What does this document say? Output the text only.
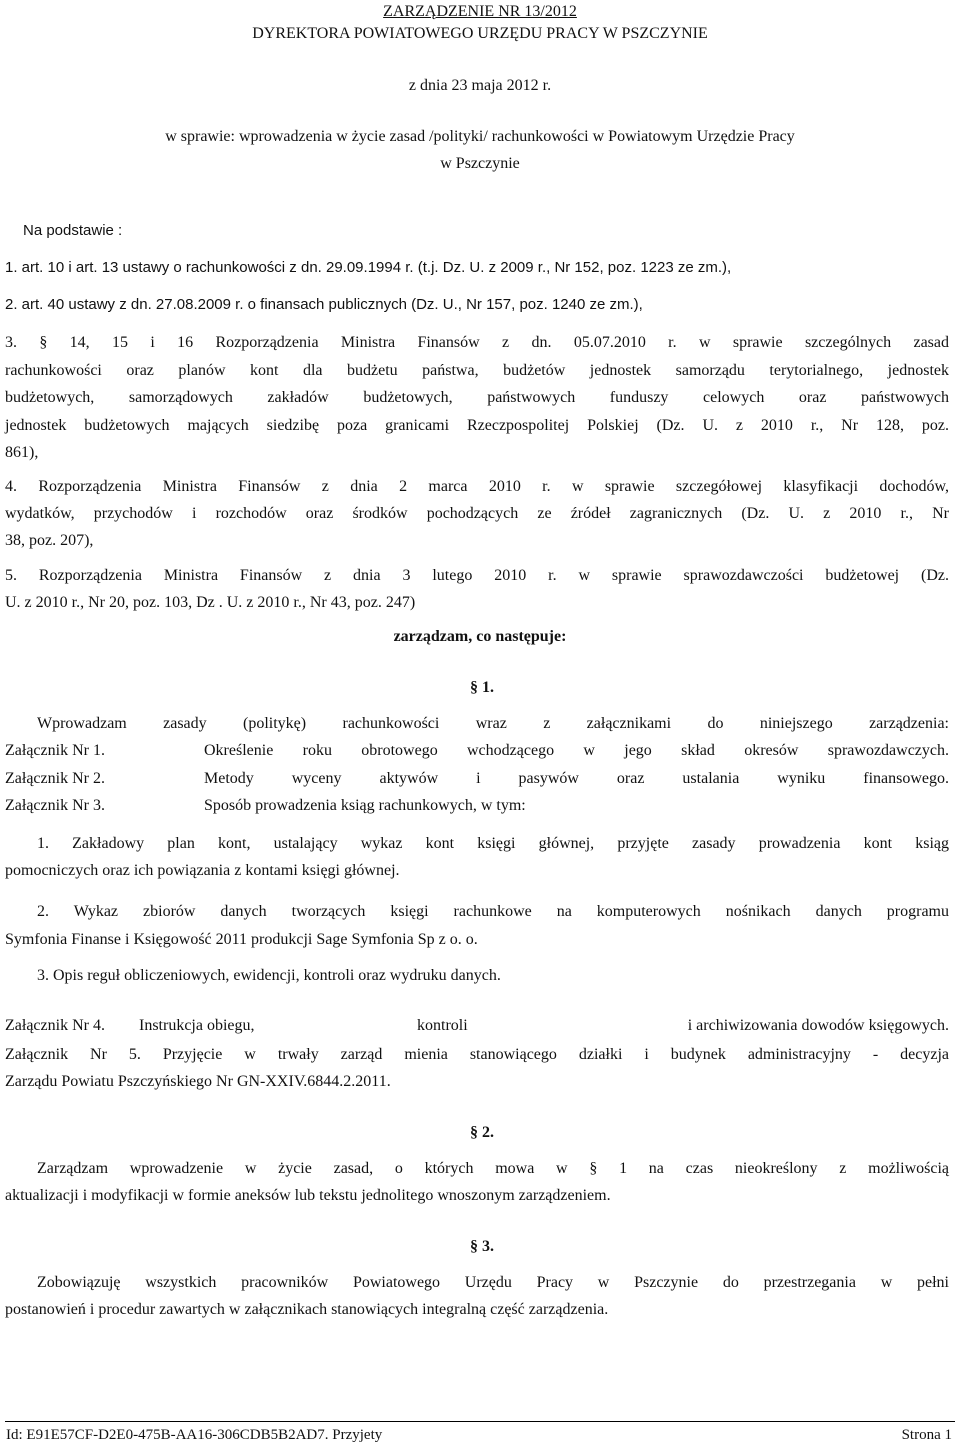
ZARZĄDZENIE NR 13/2012
DYREKTORA POWIATOWEGO URZĘDU PRACY W PSZCZYNIE
z dnia 23 maja 2012 r.
w sprawie: wprowadzenia w życie zasad /polityki/ rachunkowości w Powiatowym Urzędzie Pracy
w Pszczynie
Na podstawie :
1. art. 10 i art. 13 ustawy o rachunkowości z dn. 29.09.1994 r. (t.j. Dz. U. z 2009 r., Nr 152, poz. 1223 ze zm.),
2. art. 40 ustawy z dn. 27.08.2009 r. o finansach publicznych (Dz. U., Nr 157, poz. 1240 ze zm.),
3. § 14, 15 i 16 Rozporządzenia Ministra Finansów z dn. 05.07.2010 r. w sprawie szczególnych zasad
rachunkowości oraz planów kont dla budżetu państwa, budżetów jednostek samorządu terytorialnego, jednostek
budżetowych, samorządowych zakładów budżetowych, państwowych funduszy celowych oraz państwowych
jednostek budżetowych mających siedzibę poza granicami Rzeczpospolitej Polskiej (Dz. U. z 2010 r., Nr 128, poz.
861),
4. Rozporządzenia Ministra Finansów z dnia 2 marca 2010 r. w sprawie szczegółowej klasyfikacji dochodów,
wydatków, przychodów i rozchodów oraz środków pochodzących ze źródeł zagranicznych (Dz. U. z 2010 r., Nr
38, poz. 207),
5. Rozporządzenia Ministra Finansów z dnia 3 lutego 2010 r. w sprawie sprawozdawczości budżetowej (Dz.
U. z 2010 r., Nr 20, poz. 103, Dz . U. z 2010 r., Nr 43, poz. 247)
zarządzam, co następuje:
§ 1.
Wprowadzam zasady (politykę) rachunkowości wraz z załącznikami do niniejszego zarządzenia:
Załącznik Nr 1.	Określenie roku obrotowego wchodzącego w jego skład okresów sprawozdawczych.
Załącznik Nr 2.	Metody wyceny aktywów i pasywów oraz ustalania wyniku finansowego.
Załącznik Nr 3.	Sposób prowadzenia ksiąg rachunkowych, w tym:
1. Zakładowy plan kont, ustalający wykaz kont księgi głównej, przyjęte zasady prowadzenia kont ksiąg
pomocniczych oraz ich powiązania z kontami księgi głównej.
2. Wykaz zbiorów danych tworzących księgi rachunkowe na komputerowych nośnikach danych programu
Symfonia Finanse i Księgowość 2011 produkcji Sage Symfonia Sp z o. o.
3. Opis reguł obliczeniowych, ewidencji, kontroli oraz wydruku danych.
Załącznik Nr 4. Instrukcja obiegu,	kontroli	i archiwizowania dowodów księgowych.
Załącznik Nr 5. Przyjęcie w trwały zarząd mienia stanowiącego działki i budynek administracyjny - decyzja
Zarządu Powiatu Pszczyńskiego Nr GN-XXIV.6844.2.2011.
§ 2.
Zarządzam wprowadzenie w życie zasad, o których mowa w § 1 na czas nieokreślony z możliwością
aktualizacji i modyfikacji w formie aneksów lub tekstu jednolitego wnoszonym zarządzeniem.
§ 3.
Zobowiązuję wszystkich pracowników Powiatowego Urzędu Pracy w Pszczynie do przestrzegania w pełni
postanowień i procedur zawartych w załącznikach stanowiących integralną część zarządzenia.
Id: E91E57CF-D2E0-475B-AA16-306CDB5B2AD7. Przyjety	Strona 1
